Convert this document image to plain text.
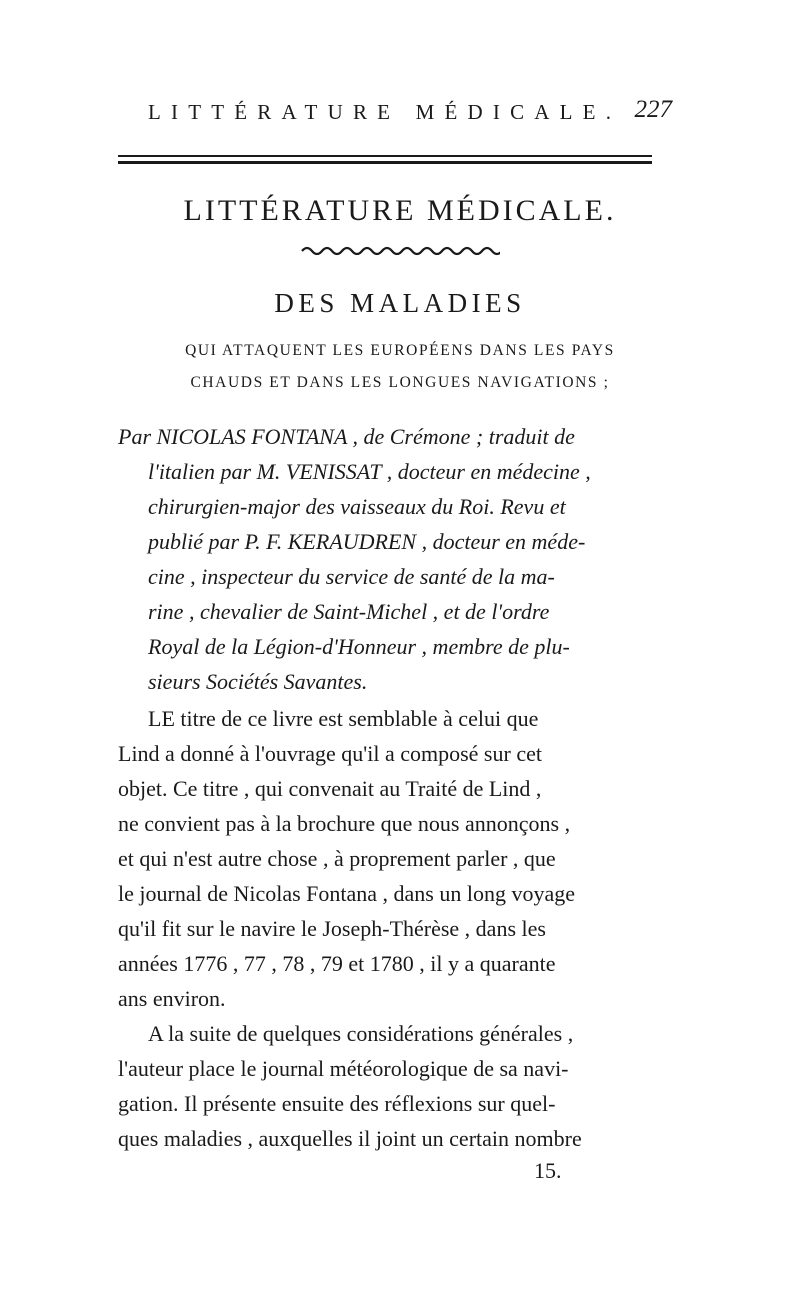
LITTÉRATURE MÉDICALE. 227
LITTÉRATURE MÉDICALE.
DES MALADIES
QUI ATTAQUENT LES EUROPÉENS DANS LES PAYS
CHAUDS ET DANS LES LONGUES NAVIGATIONS ;
Par NICOLAS FONTANA , de Crémone ; traduit de
l'italien par M. VENISSAT , docteur en médecine ,
chirurgien-major des vaisseaux du Roi. Revu et
publié par P. F. KERAUDREN , docteur en méde-
cine , inspecteur du service de santé de la ma-
rine , chevalier de Saint-Michel , et de l'ordre
Royal de la Légion-d'Honneur , membre de plu-
sieurs Sociétés Savantes.
LE titre de ce livre est semblable à celui que
Lind a donné à l'ouvrage qu'il a composé sur cet
objet. Ce titre , qui convenait au Traité de Lind ,
ne convient pas à la brochure que nous annonçons ,
et qui n'est autre chose , à proprement parler , que
le journal de Nicolas Fontana , dans un long voyage
qu'il fit sur le navire le Joseph-Thérèse , dans les
années 1776 , 77 , 78 , 79 et 1780 , il y a quarante
ans environ.
A la suite de quelques considérations générales ,
l'auteur place le journal météorologique de sa navi-
gation. Il présente ensuite des réflexions sur quel-
ques maladies , auxquelles il joint un certain nombre
15.
